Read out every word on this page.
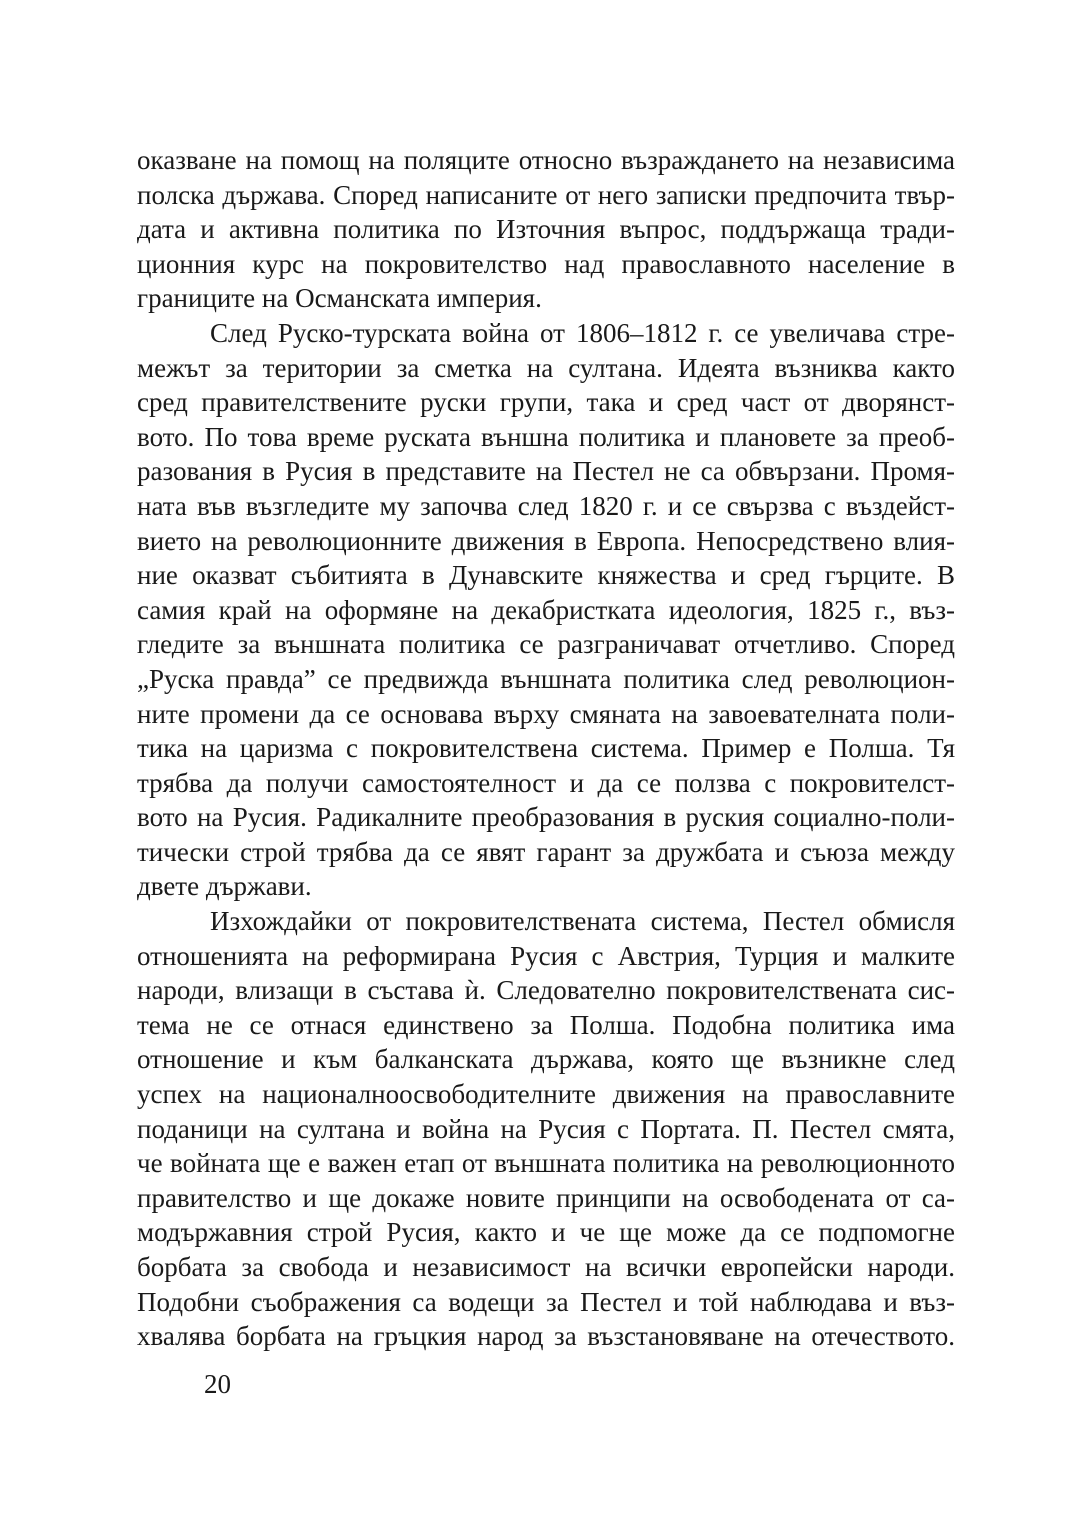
оказване на помощ на поляците относно възраждането на независима
полска държава. Според написаните от него записки предпочита твър-
дата и активна политика по Източния въпрос, поддържаща тради-
ционния курс на покровителство над православното население в
границите на Османската империя.
След Руско-турската война от 1806–1812 г. се увеличава стре-
межът за територии за сметка на султана. Идеята възниква както
сред правителствените руски групи, така и сред част от дворянст-
вото. По това време руската външна политика и плановете за преоб-
разования в Русия в представите на Пестел не са обвързани. Промя-
ната във възгледите му започва след 1820 г. и се свързва с въздейст-
вието на революционните движения в Европа. Непосредствено влия-
ние оказват събитията в Дунавските княжества и сред гърците. В
самия край на оформяне на декабристката идеология, 1825 г., въз-
гледите за външната политика се разграничават отчетливо. Според
„Руска правда” се предвижда външната политика след революцион-
ните промени да се основава върху смяната на завоевателната поли-
тика на царизма с покровителствена система. Пример е Полша. Тя
трябва да получи самостоятелност и да се ползва с покровителст-
вото на Русия. Радикалните преобразования в руския социално-поли-
тически строй трябва да се явят гарант за дружбата и съюза между
двете държави.
Изхождайки от покровителствената система, Пестел обмисля
отношенията на реформирана Русия с Австрия, Турция и малките
народи, влизащи в състава ѝ. Следователно покровителствената сис-
тема не се отнася единствено за Полша. Подобна политика има
отношение и към балканската държава, която ще възникне след
успех на националноосвободителните движения на православните
поданици на султана и война на Русия с Портата. П. Пестел смята,
че войната ще е важен етап от външната политика на революционното
правителство и ще докаже новите принципи на освободената от са-
модържавния строй Русия, както и че ще може да се подпомогне
борбата за свобода и независимост на всички европейски народи.
Подобни съображения са водещи за Пестел и той наблюдава и въз-
хвалява борбата на гръцкия народ за възстановяване на отечеството.
20
